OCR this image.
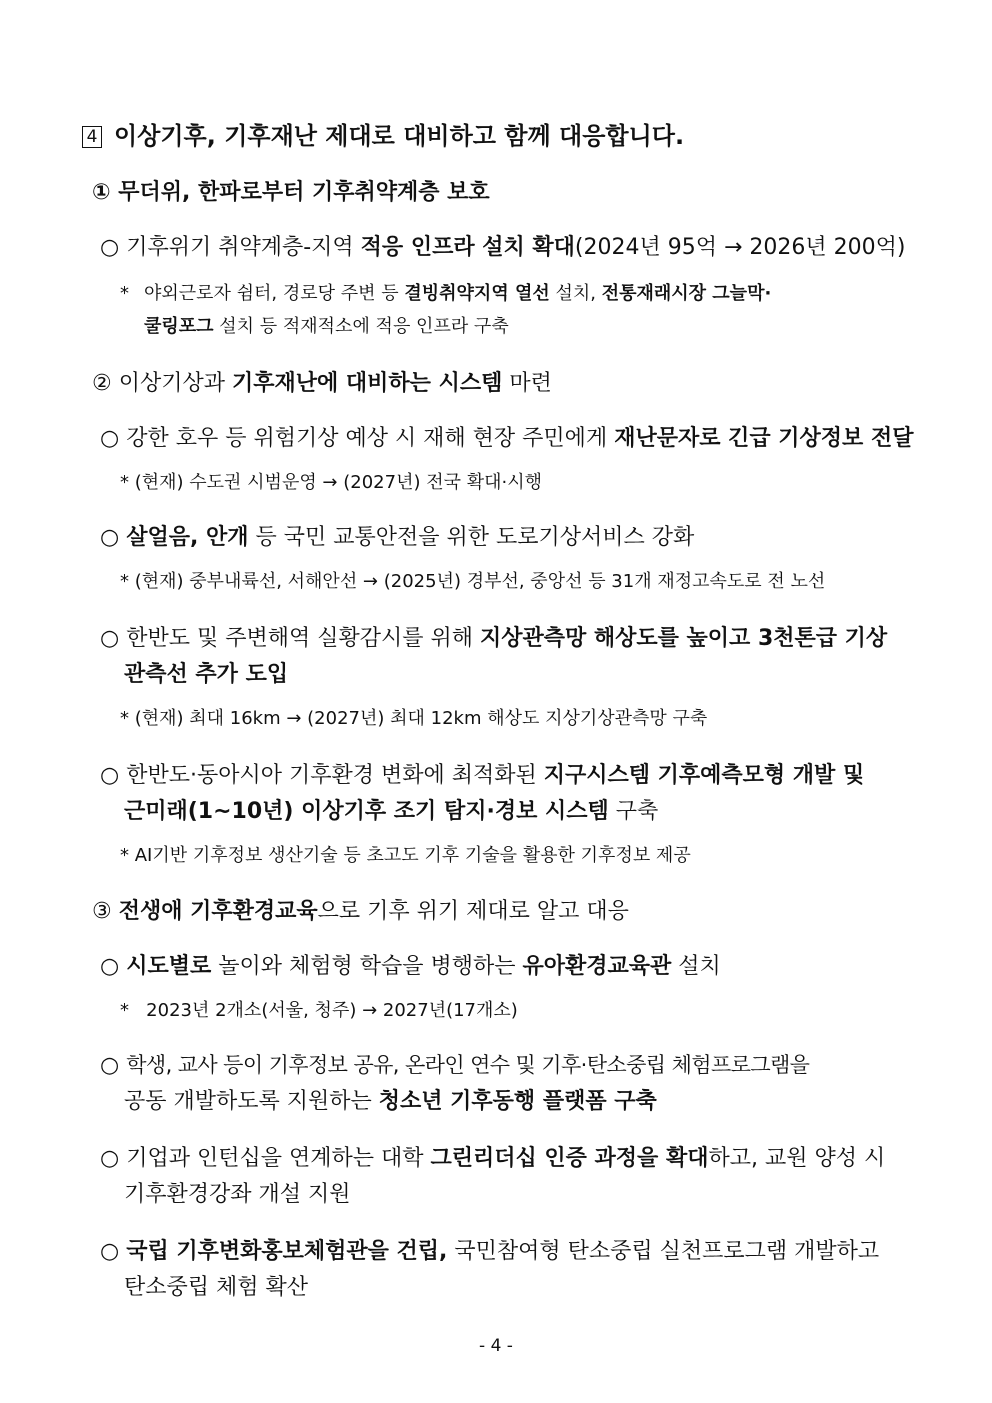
4 이상기후, 기후재난 제대로 대비하고 함께 대응합니다.
① 무더위, 한파로부터 기후취약계층 보호
○ 기후위기 취약계층-지역 적응 인프라 설치 확대(2024년 95억 → 2026년 200억)
* 야외근로자 쉼터, 경로당 주변 등 결빙취약지역 열선 설치, 전통재래시장 그늘막·
쿨링포그 설치 등 적재적소에 적응 인프라 구축
② 이상기상과 기후재난에 대비하는 시스템 마련
○ 강한 호우 등 위험기상 예상 시 재해 현장 주민에게 재난문자로 긴급 기상정보 전달
* (현재) 수도권 시범운영 → (2027년) 전국 확대·시행
○ 살얼음, 안개 등 국민 교통안전을 위한 도로기상서비스 강화
* (현재) 중부내륙선, 서해안선 → (2025년) 경부선, 중앙선 등 31개 재정고속도로 전 노선
○ 한반도 및 주변해역 실황감시를 위해 지상관측망 해상도를 높이고 3천톤급 기상
관측선 추가 도입
* (현재) 최대 16km → (2027년) 최대 12km 해상도 지상기상관측망 구축
○ 한반도·동아시아 기후환경 변화에 최적화된 지구시스템 기후예측모형 개발 및
근미래(1~10년) 이상기후 조기 탐지·경보 시스템 구축
* AI기반 기후정보 생산기술 등 초고도 기후 기술을 활용한 기후정보 제공
③ 전생애 기후환경교육으로 기후 위기 제대로 알고 대응
○ 시도별로 놀이와 체험형 학습을 병행하는 유아환경교육관 설치
* 2023년 2개소(서울, 청주) → 2027년(17개소)
○ 학생, 교사 등이 기후정보 공유, 온라인 연수 및 기후·탄소중립 체험프로그램을
공동 개발하도록 지원하는 청소년 기후동행 플랫폼 구축
○ 기업과 인턴십을 연계하는 대학 그린리더십 인증 과정을 확대하고, 교원 양성 시
기후환경강좌 개설 지원
○ 국립 기후변화홍보체험관을 건립, 국민참여형 탄소중립 실천프로그램 개발하고
탄소중립 체험 확산
- 4 -
